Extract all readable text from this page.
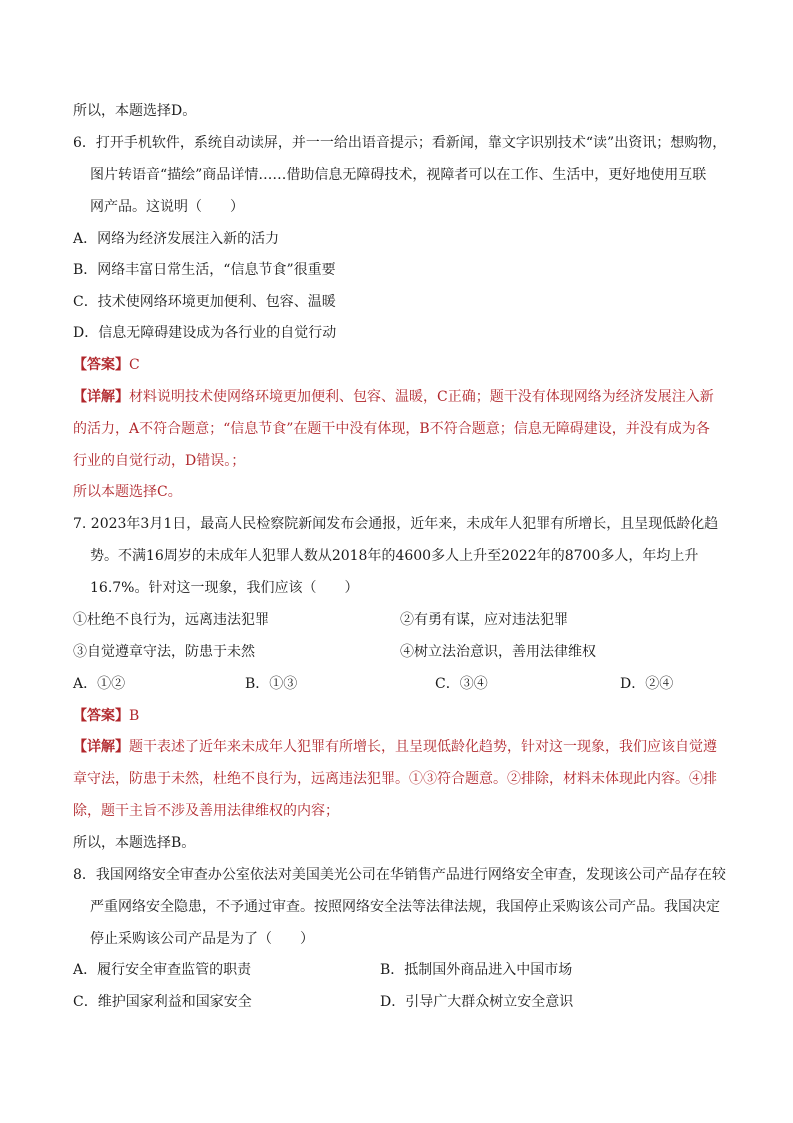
所以，本题选择D。
6．打开手机软件，系统自动读屏，并一一给出语音提示；看新闻，靠文字识别技术“读”出资讯；想购物，
图片转语音“描绘”商品详情……借助信息无障碍技术，视障者可以在工作、生活中，更好地使用互联
网产品。这说明（　　）
A．网络为经济发展注入新的活力
B．网络丰富日常生活，“信息节食”很重要
C．技术使网络环境更加便利、包容、温暖
D．信息无障碍建设成为各行业的自觉行动
【答案】C
【详解】材料说明技术使网络环境更加便利、包容、温暖，C正确；题干没有体现网络为经济发展注入新
的活力，A不符合题意；“信息节食”在题干中没有体现，B不符合题意；信息无障碍建设，并没有成为各
行业的自觉行动，D错误。；
所以本题选择C。
7. 2023年3月1日，最高人民检察院新闻发布会通报，近年来，未成年人犯罪有所增长，且呈现低龄化趋
势。不满16周岁的未成年人犯罪人数从2018年的4600多人上升至2022年的8700多人，年均上升
16.7%。针对这一现象，我们应该（　　）
①杜绝不良行为，远离违法犯罪	②有勇有谋，应对违法犯罪
③自觉遵章守法，防患于未然	④树立法治意识，善用法律维权
A．①②	B．①③	C．③④	D．②④
【答案】B
【详解】题干表述了近年来未成年人犯罪有所增长，且呈现低龄化趋势，针对这一现象，我们应该自觉遵
章守法，防患于未然，杜绝不良行为，远离违法犯罪。①③符合题意。②排除，材料未体现此内容。④排
除，题干主旨不涉及善用法律维权的内容；
所以，本题选择B。
8．我国网络安全审查办公室依法对美国美光公司在华销售产品进行网络安全审查，发现该公司产品存在较
严重网络安全隐患，不予通过审查。按照网络安全法等法律法规，我国停止采购该公司产品。我国决定
停止采购该公司产品是为了（　　）
A．履行安全审查监管的职责	B．抵制国外商品进入中国市场
C．维护国家利益和国家安全	D．引导广大群众树立安全意识
